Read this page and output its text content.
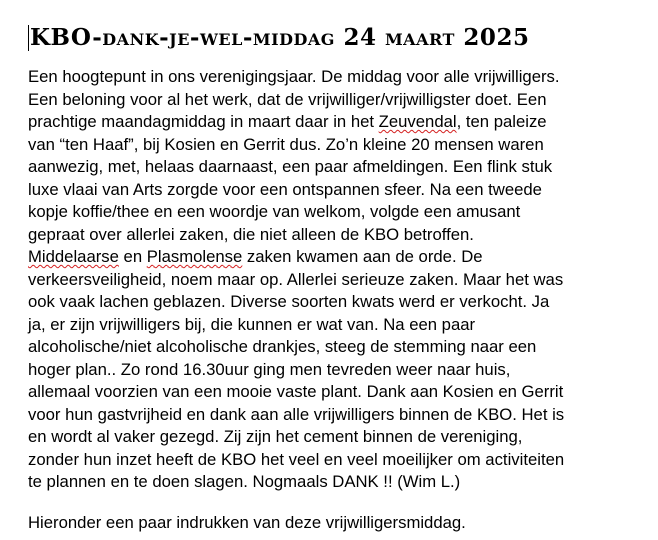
KBO-dank-je-wel-middag 24 maart 2025
Een hoogtepunt in ons verenigingsjaar. De middag voor alle vrijwilligers.
Een beloning voor al het werk, dat de vrijwilliger/vrijwilligster doet. Een
prachtige maandagmiddag in maart daar in het Zeuvendal, ten paleize
van “ten Haaf”, bij Kosien en Gerrit dus. Zo’n kleine 20 mensen waren
aanwezig, met, helaas daarnaast, een paar afmeldingen. Een flink stuk
luxe vlaai van Arts zorgde voor een ontspannen sfeer. Na een tweede
kopje koffie/thee en een woordje van welkom, volgde een amusant
gepraat over allerlei zaken, die niet alleen de KBO betroffen.
Middelaarse en Plasmolense zaken kwamen aan de orde. De
verkeersveiligheid, noem maar op. Allerlei serieuze zaken. Maar het was
ook vaak lachen geblazen. Diverse soorten kwats werd er verkocht. Ja
ja, er zijn vrijwilligers bij, die kunnen er wat van. Na een paar
alcoholische/niet alcoholische drankjes, steeg de stemming naar een
hoger plan.. Zo rond 16.30uur ging men tevreden weer naar huis,
allemaal voorzien van een mooie vaste plant. Dank aan Kosien en Gerrit
voor hun gastvrijheid en dank aan alle vrijwilligers binnen de KBO. Het is
en wordt al vaker gezegd. Zij zijn het cement binnen de vereniging,
zonder hun inzet heeft de KBO het veel en veel moeilijker om activiteiten
te plannen en te doen slagen. Nogmaals DANK !! (Wim L.)

Hieronder een paar indrukken van deze vrijwilligersmiddag.
